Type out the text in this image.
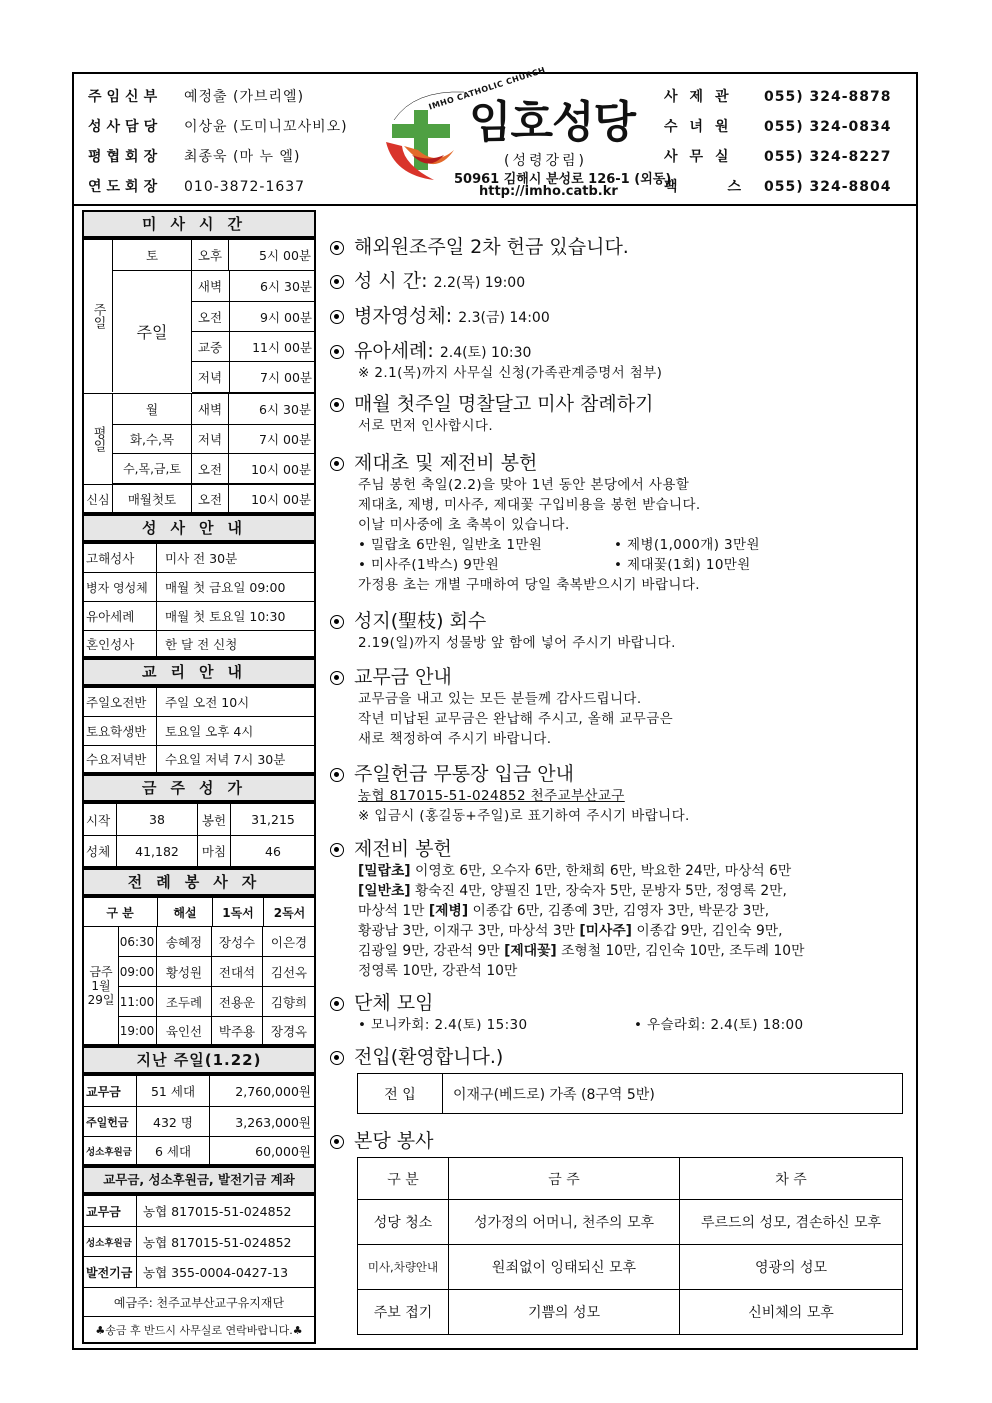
주임신부 예정출 (가브리엘)
성사담당 이상윤 (도미니꼬사비오)
평협회장 최종욱 (마 누 엘)
연도회장 010-3872-1637
IMHO CATHOLIC CHURCH
임호성당
(성령강림)
50961 김해시 분성로 126-1 (외동)
http://imho.catb.kr
사제관 055) 324-8878
수녀원 055) 324-0834
사무실 055) 324-8227
팩스055) 324-8804
미사시간
주일
평일
신심
토	오후	5시 00분
주일
새벽	6시 30분
오전	9시 00분
교중	11시 00분
저녁	7시 00분
월	새벽	6시 30분
화,수,목	저녁	7시 00분
수,목,금,토	오전	10시 00분
매월첫토	오전	10시 00분
성사안내
고해성사	미사 전 30분
병자 영성체	매월 첫 금요일 09:00
유아세례	매월 첫 토요일 10:30
혼인성사	한 달 전 신청
교리안내
주일오전반	주일 오전 10시
토요학생반	토요일 오후 4시
수요저녁반	수요일 저녁 7시 30분
금주성가
시작	38	봉헌	31,215
성체	41,182	마침	46
전례봉사자
구 분	해설	1독서	2독서
금주 1월 29일
06:30 송혜정	장성수	이은경
09:00 황성원	전대석	김선옥
11:00 조두례	전용운	김향희
19:00 육인선	박주용	장경옥
지난 주일(1.22)
교무금	51 세대	2,760,000원
주일헌금	432 명	3,263,000원
성소후원금	6 세대	60,000원
교무금, 성소후원금, 발전기금 계좌
교무금	농협 817015-51-024852
성소후원금 농협 817015-51-024852
발전기금 농협 355-0004-0427-13
예금주: 천주교부산교구유지재단
♣송금 후 반드시 사무실로 연락바랍니다.♣
해외원조주일 2차 헌금 있습니다.
성 시 간: 2.2(목) 19:00
병자영성체: 2.3(금) 14:00
유아세례: 2.4(토) 10:30
※ 2.1(목)까지 사무실 신청(가족관계증명서 첨부)
매월 첫주일 명찰달고 미사 참례하기
서로 먼저 인사합시다.
제대초 및 제전비 봉헌
주님 봉헌 축일(2.2)을 맞아 1년 동안 본당에서 사용할
제대초, 제병, 미사주, 제대꽃 구입비용을 봉헌 받습니다.
이날 미사중에 초 축복이 있습니다.
• 밀랍초 6만원, 일반초 1만원	• 제병(1,000개) 3만원
• 미사주(1박스) 9만원	• 제대꽃(1회) 10만원
가정용 초는 개별 구매하여 당일 축복받으시기 바랍니다.
성지(聖枝) 회수
2.19(일)까지 성물방 앞 함에 넣어 주시기 바랍니다.
교무금 안내
교무금을 내고 있는 모든 분들께 감사드립니다.
작년 미납된 교무금은 완납해 주시고, 올해 교무금은
새로 책정하여 주시기 바랍니다.
주일헌금 무통장 입금 안내
농협 817015-51-024852 천주교부산교구
※ 입금시 (홍길동+주일)로 표기하여 주시기 바랍니다.
제전비 봉헌
[밀랍초] 이영호 6만, 오수자 6만, 한채희 6만, 박요한 24만, 마상석 6만
[일반초] 황숙진 4만, 양필진 1만, 장숙자 5만, 문방자 5만, 정영록 2만,
마상석 1만 [제병] 이종갑 6만, 김종예 3만, 김영자 3만, 박문강 3만,
황광남 3만, 이재구 3만, 마상석 3만 [미사주] 이종갑 9만, 김인숙 9만,
김광일 9만, 강관석 9만 [제대꽃] 조형철 10만, 김인숙 10만, 조두례 10만
정영록 10만, 강관석 10만
단체 모임
• 모니카회: 2.4(토) 15:30	• 우슬라회: 2.4(토) 18:00
전입(환영합니다.)
전 입	이재구(베드로) 가족 (8구역 5반)
본당 봉사
구 분	금 주	차 주
성당 청소	성가정의 어머니, 천주의 모후	루르드의 성모, 겸손하신 모후
미사,차량안내	원죄없이 잉태되신 모후	영광의 성모
주보 접기	기쁨의 성모	신비체의 모후
